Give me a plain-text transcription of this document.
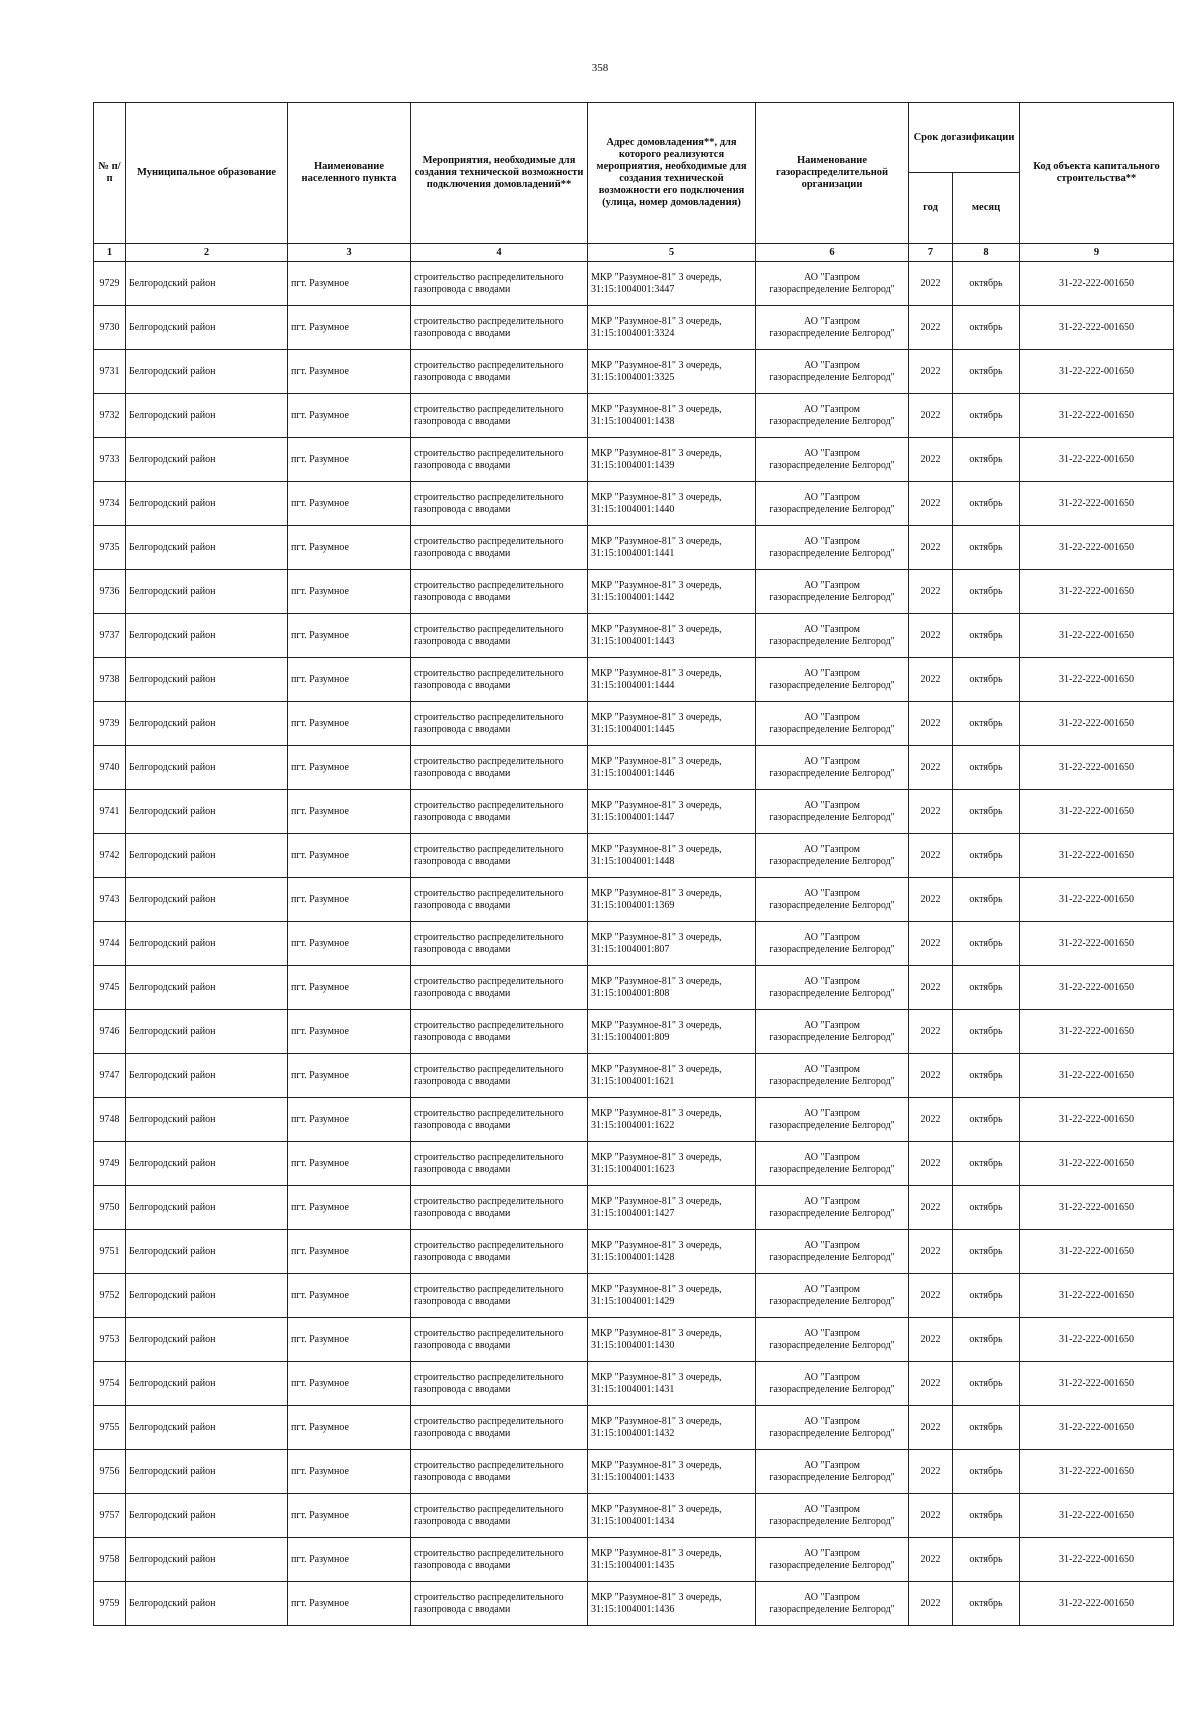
358
№ п/п	Муниципальное образование	Наименование населенного пункта	Мероприятия, необходимые для создания технической возможности подключения домовладений**	Адрес домовладения**, для которого реализуются мероприятия, необходимые для создания технической возможности его подключения (улица, номер домовладения)	Наименование газораспределительной организации	Срок догазификации		Код объекта капитального строительства**
						год	месяц	
1	2	3	4	5	6	7	8	9
9729	Белгородский район	пгт. Разумное	строительство распределительного
газопровода с вводами	МКР "Разумное-81" 3 очередь,
31:15:1004001:3447	АО "Газпром
газораспределение Белгород"	2022	октябрь	31-22-222-001650
9730	Белгородский район	пгт. Разумное	строительство распределительного
газопровода с вводами	МКР "Разумное-81" 3 очередь,
31:15:1004001:3324	АО "Газпром
газораспределение Белгород"	2022	октябрь	31-22-222-001650
9731	Белгородский район	пгт. Разумное	строительство распределительного
газопровода с вводами	МКР "Разумное-81" 3 очередь,
31:15:1004001:3325	АО "Газпром
газораспределение Белгород"	2022	октябрь	31-22-222-001650
9732	Белгородский район	пгт. Разумное	строительство распределительного
газопровода с вводами	МКР "Разумное-81" 3 очередь,
31:15:1004001:1438	АО "Газпром
газораспределение Белгород"	2022	октябрь	31-22-222-001650
9733	Белгородский район	пгт. Разумное	строительство распределительного
газопровода с вводами	МКР "Разумное-81" 3 очередь,
31:15:1004001:1439	АО "Газпром
газораспределение Белгород"	2022	октябрь	31-22-222-001650
9734	Белгородский район	пгт. Разумное	строительство распределительного
газопровода с вводами	МКР "Разумное-81" 3 очередь,
31:15:1004001:1440	АО "Газпром
газораспределение Белгород"	2022	октябрь	31-22-222-001650
9735	Белгородский район	пгт. Разумное	строительство распределительного
газопровода с вводами	МКР "Разумное-81" 3 очередь,
31:15:1004001:1441	АО "Газпром
газораспределение Белгород"	2022	октябрь	31-22-222-001650
9736	Белгородский район	пгт. Разумное	строительство распределительного
газопровода с вводами	МКР "Разумное-81" 3 очередь,
31:15:1004001:1442	АО "Газпром
газораспределение Белгород"	2022	октябрь	31-22-222-001650
9737	Белгородский район	пгт. Разумное	строительство распределительного
газопровода с вводами	МКР "Разумное-81" 3 очередь,
31:15:1004001:1443	АО "Газпром
газораспределение Белгород"	2022	октябрь	31-22-222-001650
9738	Белгородский район	пгт. Разумное	строительство распределительного
газопровода с вводами	МКР "Разумное-81" 3 очередь,
31:15:1004001:1444	АО "Газпром
газораспределение Белгород"	2022	октябрь	31-22-222-001650
9739	Белгородский район	пгт. Разумное	строительство распределительного
газопровода с вводами	МКР "Разумное-81" 3 очередь,
31:15:1004001:1445	АО "Газпром
газораспределение Белгород"	2022	октябрь	31-22-222-001650
9740	Белгородский район	пгт. Разумное	строительство распределительного
газопровода с вводами	МКР "Разумное-81" 3 очередь,
31:15:1004001:1446	АО "Газпром
газораспределение Белгород"	2022	октябрь	31-22-222-001650
9741	Белгородский район	пгт. Разумное	строительство распределительного
газопровода с вводами	МКР "Разумное-81" 3 очередь,
31:15:1004001:1447	АО "Газпром
газораспределение Белгород"	2022	октябрь	31-22-222-001650
9742	Белгородский район	пгт. Разумное	строительство распределительного
газопровода с вводами	МКР "Разумное-81" 3 очередь,
31:15:1004001:1448	АО "Газпром
газораспределение Белгород"	2022	октябрь	31-22-222-001650
9743	Белгородский район	пгт. Разумное	строительство распределительного
газопровода с вводами	МКР "Разумное-81" 3 очередь,
31:15:1004001:1369	АО "Газпром
газораспределение Белгород"	2022	октябрь	31-22-222-001650
9744	Белгородский район	пгт. Разумное	строительство распределительного
газопровода с вводами	МКР "Разумное-81" 3 очередь,
31:15:1004001:807	АО "Газпром
газораспределение Белгород"	2022	октябрь	31-22-222-001650
9745	Белгородский район	пгт. Разумное	строительство распределительного
газопровода с вводами	МКР "Разумное-81" 3 очередь,
31:15:1004001:808	АО "Газпром
газораспределение Белгород"	2022	октябрь	31-22-222-001650
9746	Белгородский район	пгт. Разумное	строительство распределительного
газопровода с вводами	МКР "Разумное-81" 3 очередь,
31:15:1004001:809	АО "Газпром
газораспределение Белгород"	2022	октябрь	31-22-222-001650
9747	Белгородский район	пгт. Разумное	строительство распределительного
газопровода с вводами	МКР "Разумное-81" 3 очередь,
31:15:1004001:1621	АО "Газпром
газораспределение Белгород"	2022	октябрь	31-22-222-001650
9748	Белгородский район	пгт. Разумное	строительство распределительного
газопровода с вводами	МКР "Разумное-81" 3 очередь,
31:15:1004001:1622	АО "Газпром
газораспределение Белгород"	2022	октябрь	31-22-222-001650
9749	Белгородский район	пгт. Разумное	строительство распределительного
газопровода с вводами	МКР "Разумное-81" 3 очередь,
31:15:1004001:1623	АО "Газпром
газораспределение Белгород"	2022	октябрь	31-22-222-001650
9750	Белгородский район	пгт. Разумное	строительство распределительного
газопровода с вводами	МКР "Разумное-81" 3 очередь,
31:15:1004001:1427	АО "Газпром
газораспределение Белгород"	2022	октябрь	31-22-222-001650
9751	Белгородский район	пгт. Разумное	строительство распределительного
газопровода с вводами	МКР "Разумное-81" 3 очередь,
31:15:1004001:1428	АО "Газпром
газораспределение Белгород"	2022	октябрь	31-22-222-001650
9752	Белгородский район	пгт. Разумное	строительство распределительного
газопровода с вводами	МКР "Разумное-81" 3 очередь,
31:15:1004001:1429	АО "Газпром
газораспределение Белгород"	2022	октябрь	31-22-222-001650
9753	Белгородский район	пгт. Разумное	строительство распределительного
газопровода с вводами	МКР "Разумное-81" 3 очередь,
31:15:1004001:1430	АО "Газпром
газораспределение Белгород"	2022	октябрь	31-22-222-001650
9754	Белгородский район	пгт. Разумное	строительство распределительного
газопровода с вводами	МКР "Разумное-81" 3 очередь,
31:15:1004001:1431	АО "Газпром
газораспределение Белгород"	2022	октябрь	31-22-222-001650
9755	Белгородский район	пгт. Разумное	строительство распределительного
газопровода с вводами	МКР "Разумное-81" 3 очередь,
31:15:1004001:1432	АО "Газпром
газораспределение Белгород"	2022	октябрь	31-22-222-001650
9756	Белгородский район	пгт. Разумное	строительство распределительного
газопровода с вводами	МКР "Разумное-81" 3 очередь,
31:15:1004001:1433	АО "Газпром
газораспределение Белгород"	2022	октябрь	31-22-222-001650
9757	Белгородский район	пгт. Разумное	строительство распределительного
газопровода с вводами	МКР "Разумное-81" 3 очередь,
31:15:1004001:1434	АО "Газпром
газораспределение Белгород"	2022	октябрь	31-22-222-001650
9758	Белгородский район	пгт. Разумное	строительство распределительного
газопровода с вводами	МКР "Разумное-81" 3 очередь,
31:15:1004001:1435	АО "Газпром
газораспределение Белгород"	2022	октябрь	31-22-222-001650
9759	Белгородский район	пгт. Разумное	строительство распределительного
газопровода с вводами	МКР "Разумное-81" 3 очередь,
31:15:1004001:1436	АО "Газпром
газораспределение Белгород"	2022	октябрь	31-22-222-001650
